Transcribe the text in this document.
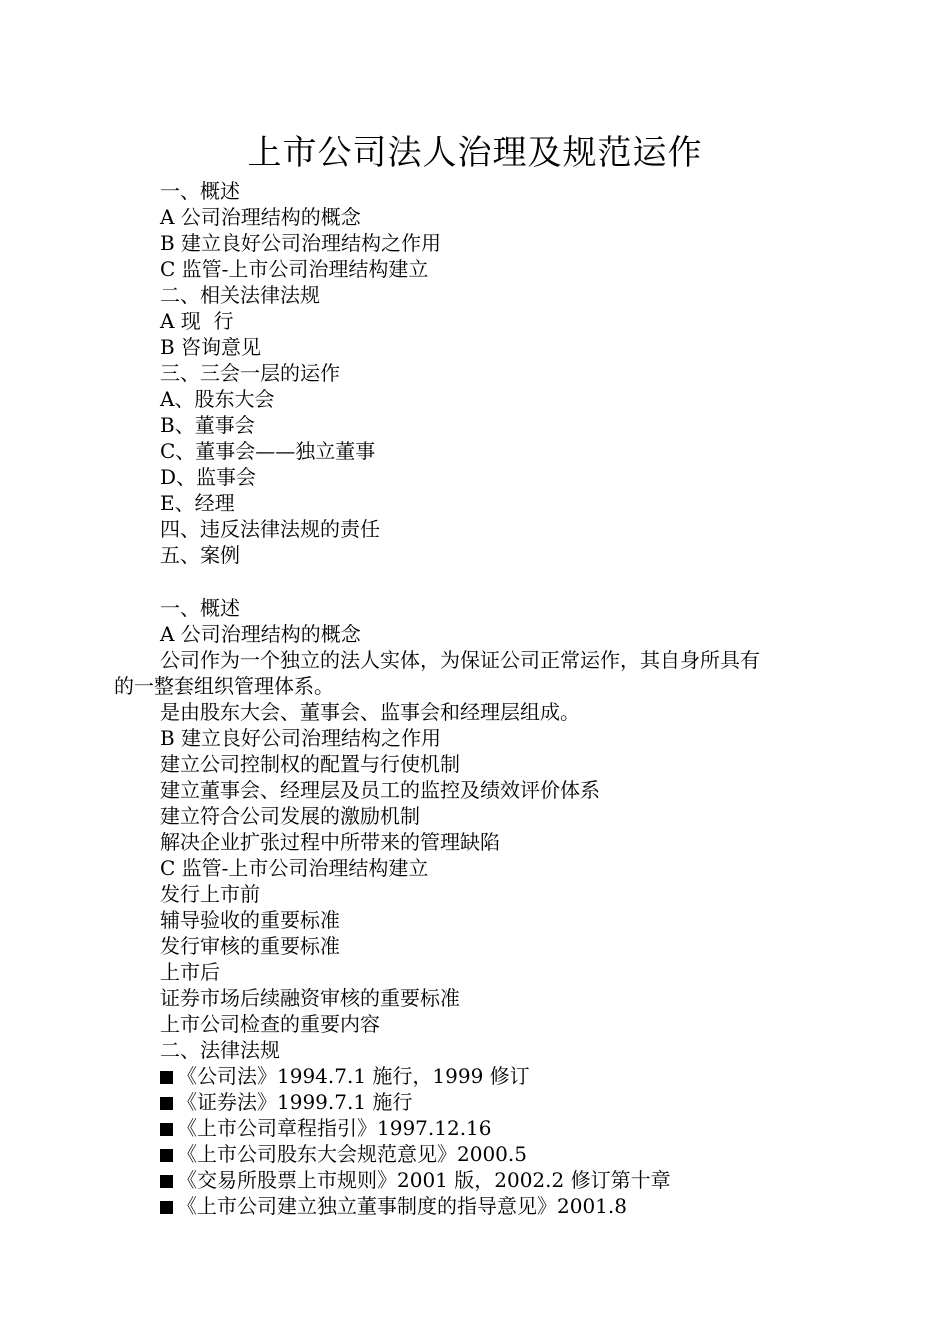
上市公司法人治理及规范运作
一、概述
A 公司治理结构的概念
B 建立良好公司治理结构之作用
C 监管-上市公司治理结构建立
二、相关法律法规
A 现  行
B 咨询意见
三、三会一层的运作
A、股东大会
B、董事会
C、董事会——独立董事
D、监事会
E、经理
四、违反法律法规的责任
五、案例
一、概述
A 公司治理结构的概念
公司作为一个独立的法人实体，为保证公司正常运作，其自身所具有
的一整套组织管理体系。
是由股东大会、董事会、监事会和经理层组成。
B 建立良好公司治理结构之作用
建立公司控制权的配置与行使机制
建立董事会、经理层及员工的监控及绩效评价体系
建立符合公司发展的激励机制
解决企业扩张过程中所带来的管理缺陷
C 监管-上市公司治理结构建立
发行上市前
辅导验收的重要标准
发行审核的重要标准
上市后
证券市场后续融资审核的重要标准
上市公司检查的重要内容
二、法律法规
《公司法》1994.7.1 施行，1999 修订
《证券法》1999.7.1 施行
《上市公司章程指引》1997.12.16
《上市公司股东大会规范意见》2000.5
《交易所股票上市规则》2001 版，2002.2 修订第十章
《上市公司建立独立董事制度的指导意见》2001.8
